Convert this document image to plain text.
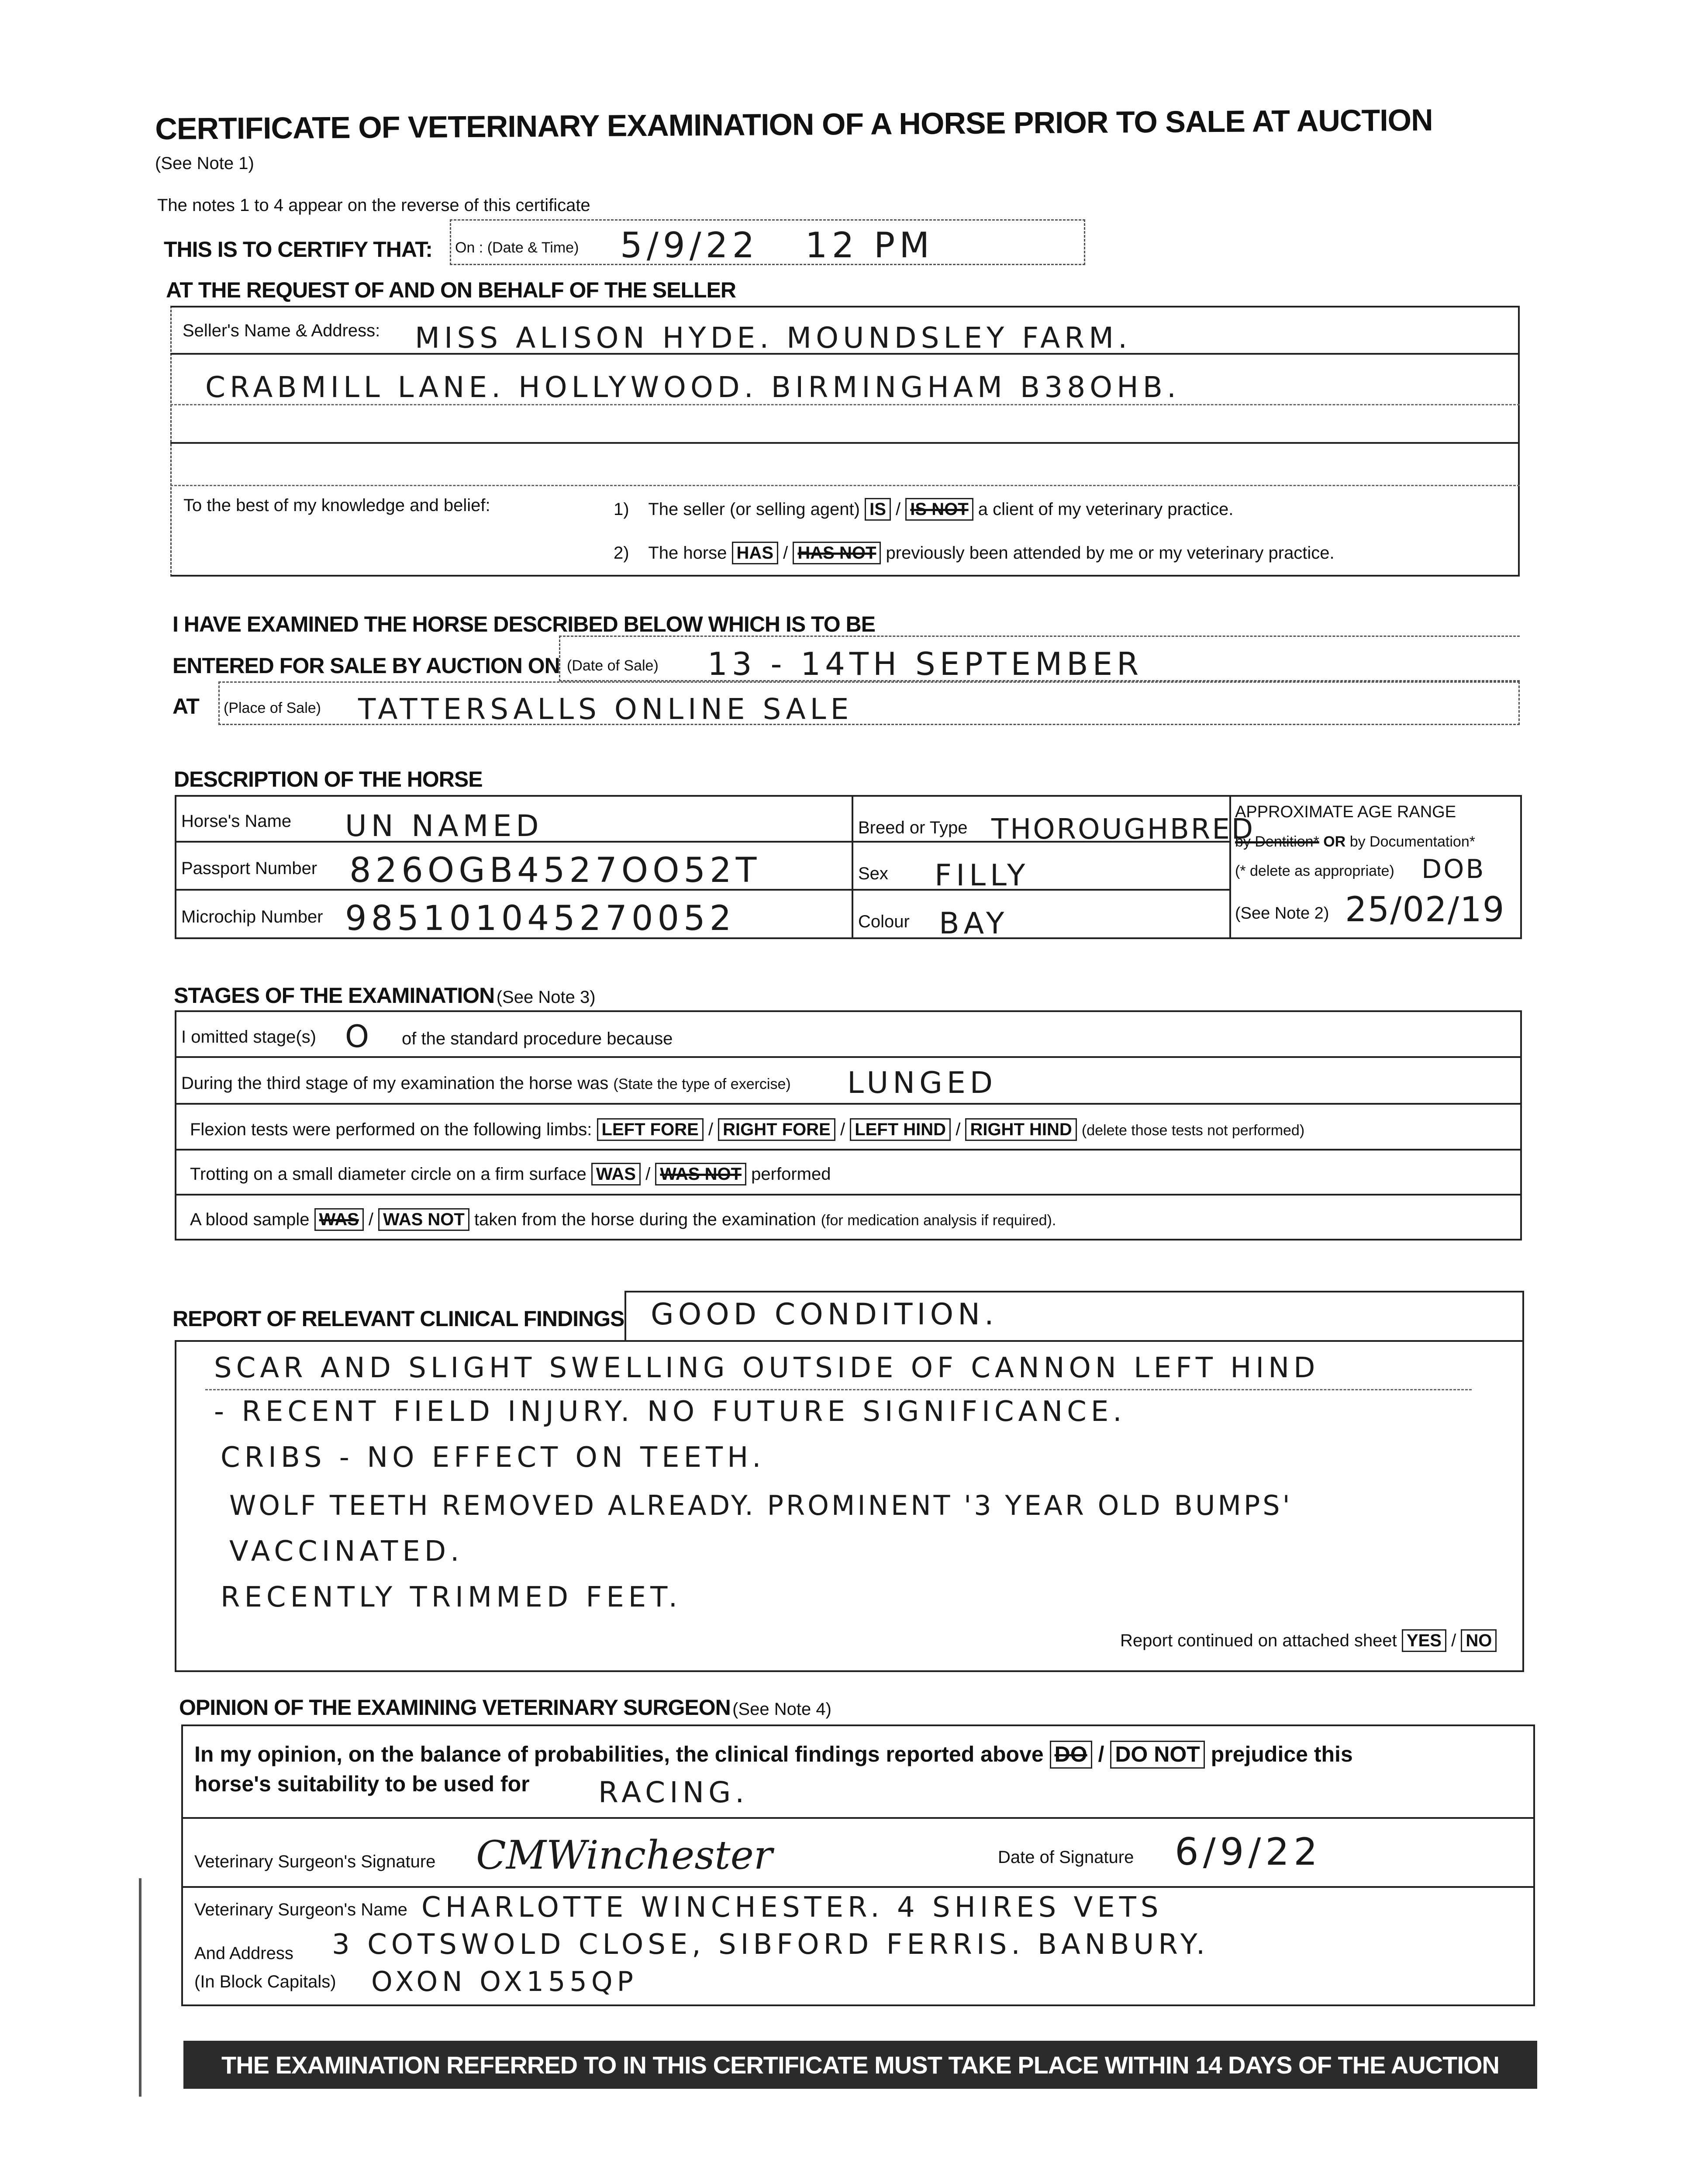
CERTIFICATE OF VETERINARY EXAMINATION OF A HORSE PRIOR TO SALE AT AUCTION
(See Note 1)
The notes 1 to 4 appear on the reverse of this certificate
THIS IS TO CERTIFY THAT: On : (Date & Time) 5/9/22   12 PM
AT THE REQUEST OF AND ON BEHALF OF THE SELLER
Seller's Name & Address: MISS ALISON HYDE. MOUNDSLEY FARM.
CRABMILL LANE. HOLLYWOOD. BIRMINGHAM B38OHB.
To the best of my knowledge and belief:	1) The seller (or selling agent) IS / IS NOT a client of my veterinary practice.
2) The horse HAS / HAS NOT previously been attended by me or my veterinary practice.
I HAVE EXAMINED THE HORSE DESCRIBED BELOW WHICH IS TO BE
ENTERED FOR SALE BY AUCTION ON (Date of Sale) 13 - 14TH SEPTEMBER
AT (Place of Sale) TATTERSALLS ONLINE SALE
DESCRIPTION OF THE HORSE
Horse's Name UN NAMED
Passport Number 826OGB4527OO52T
Microchip Number 985101045270052
Breed or Type THOROUGHBRED
Sex FILLY
Colour BAY
APPROXIMATE AGE RANGE
by Dentition* OR by Documentation*
(* delete as appropriate) DOB
(See Note 2) 25/02/19
STAGES OF THE EXAMINATION (See Note 3)
I omitted stage(s) O of the standard procedure because
During the third stage of my examination the horse was (State the type of exercise) LUNGED
Flexion tests were performed on the following limbs: LEFT FORE / RIGHT FORE / LEFT HIND / RIGHT HIND (delete those tests not performed)
Trotting on a small diameter circle on a firm surface WAS / WAS NOT performed
A blood sample WAS / WAS NOT taken from the horse during the examination (for medication analysis if required).
REPORT OF RELEVANT CLINICAL FINDINGS GOOD CONDITION.
SCAR AND SLIGHT SWELLING OUTSIDE OF CANNON LEFT HIND
- RECENT FIELD INJURY. NO FUTURE SIGNIFICANCE.
CRIBS - NO EFFECT ON TEETH.
WOLF TEETH REMOVED ALREADY. PROMINENT '3 YEAR OLD BUMPS'
VACCINATED.
RECENTLY TRIMMED FEET.
Report continued on attached sheet YES / NO
OPINION OF THE EXAMINING VETERINARY SURGEON (See Note 4)
In my opinion, on the balance of probabilities, the clinical findings reported above DO / DO NOT prejudice this
horse's suitability to be used for RACING.
Veterinary Surgeon's Signature CMWinchester	Date of Signature 6/9/22
Veterinary Surgeon's Name CHARLOTTE WINCHESTER. 4 SHIRES VETS
And Address
(In Block Capitals)
3 COTSWOLD CLOSE, SIBFORD FERRIS. BANBURY.
OXON OX155QP
THE EXAMINATION REFERRED TO IN THIS CERTIFICATE MUST TAKE PLACE WITHIN 14 DAYS OF THE AUCTION
